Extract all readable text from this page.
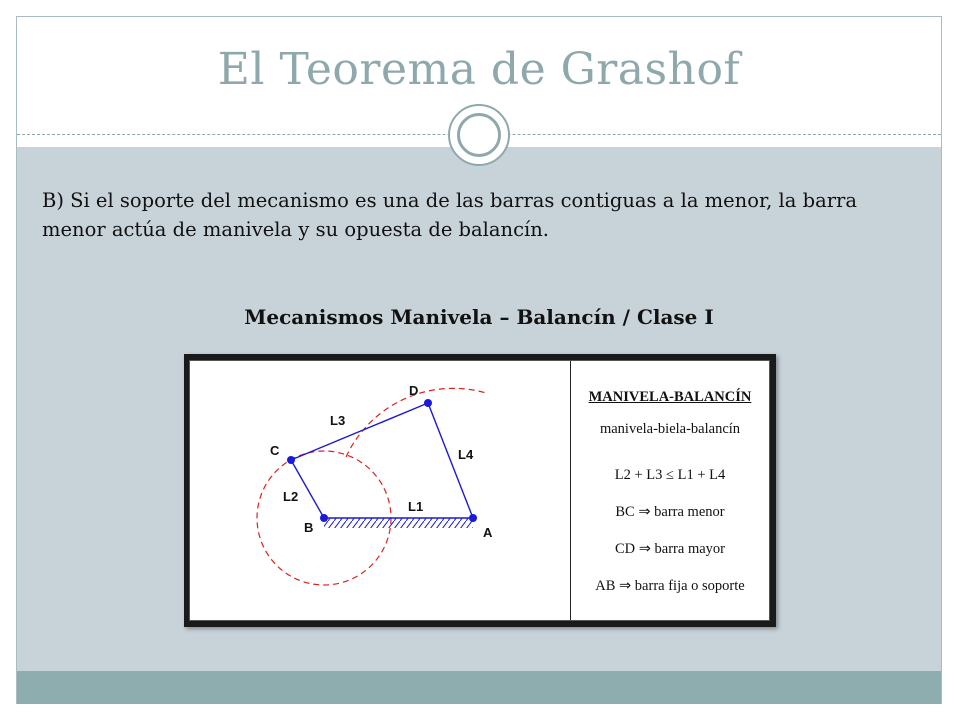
El Teorema de Grashof
B) Si el soporte del mecanismo es una de las barras contiguas a la menor, la barra menor actúa de manivela y su opuesta de balancín.
Mecanismos Manivela – Balancín / Clase I
A
B
C
D
L1
L2
L3
L4
MANIVELA-BALANCÍN
manivela-biela-balancín
L2 + L3 ≤ L1 + L4
BC ⇒ barra menor
CD ⇒ barra mayor
AB ⇒ barra fija o soporte
